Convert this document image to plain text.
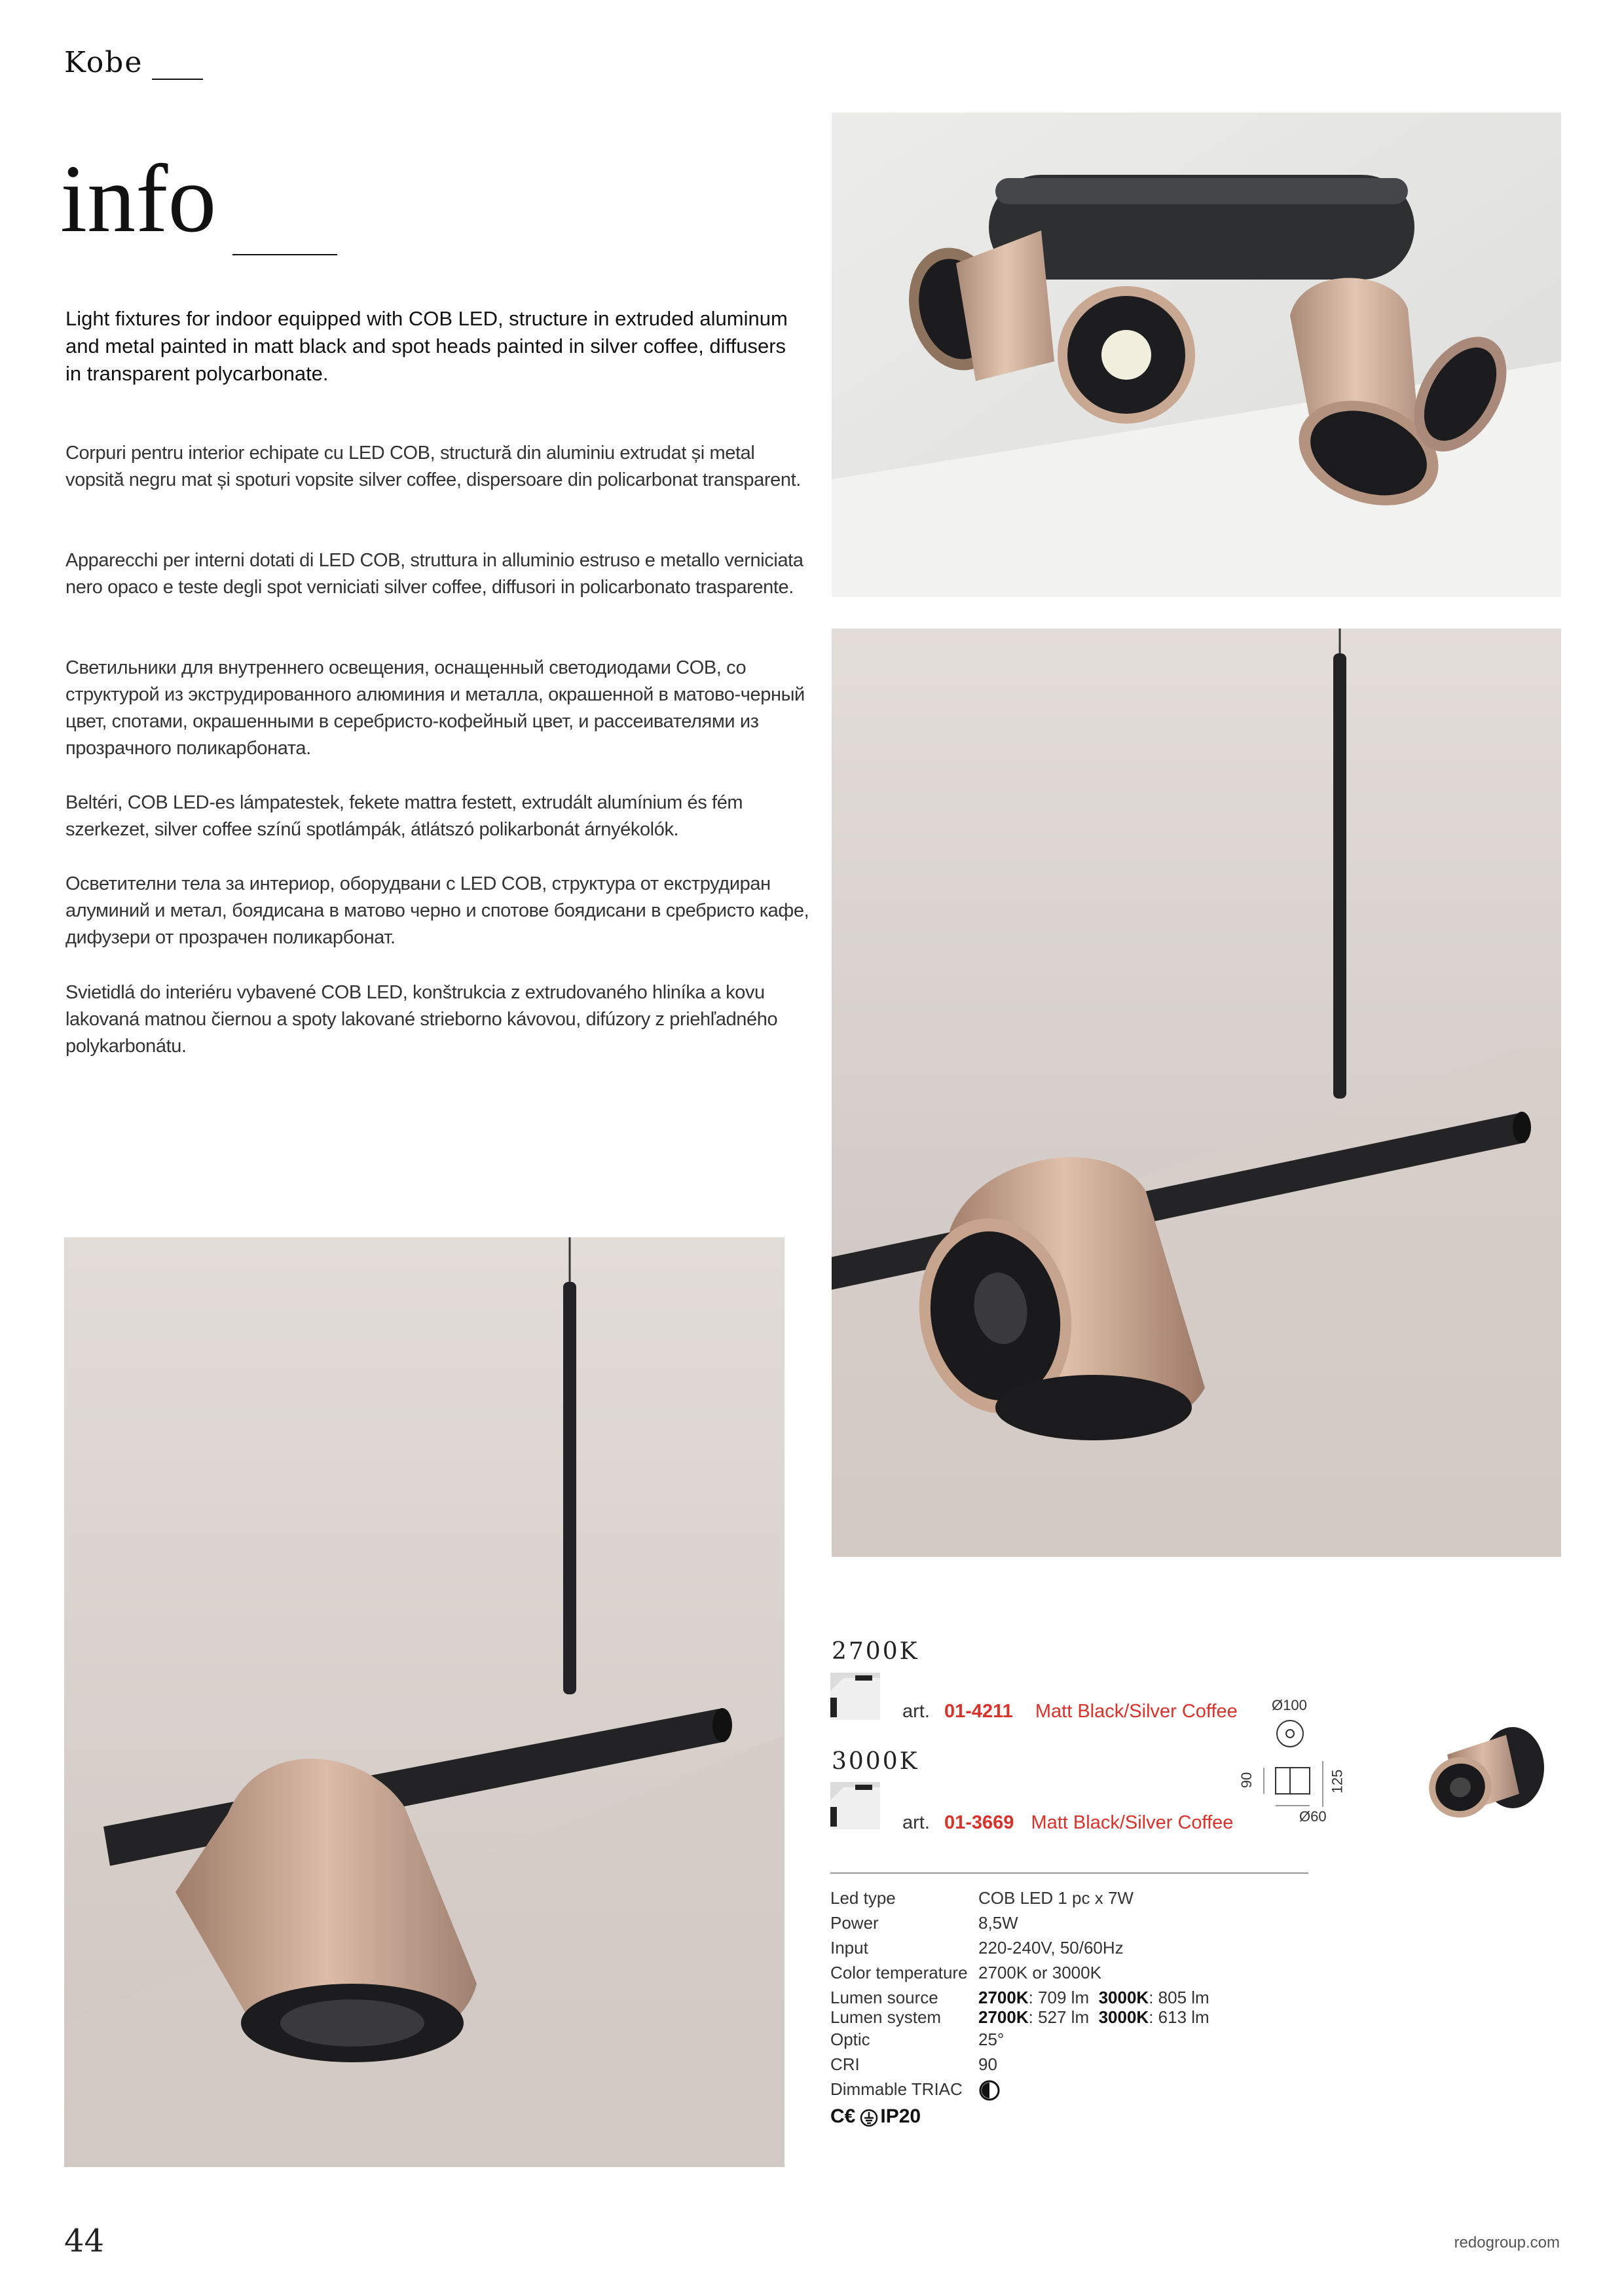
Kobe
info
Light fixtures for indoor equipped with COB LED, structure in extruded aluminum and metal painted in matt black and spot heads painted in silver coffee, diffusers in transparent polycarbonate.
Corpuri pentru interior echipate cu LED COB, structură din aluminiu extrudat și metal vopsită negru mat și spoturi vopsite silver coffee, dispersoare din policarbonat transparent.
Apparecchi per interni dotati di LED COB, struttura in alluminio estruso e metallo verniciata nero opaco e teste degli spot verniciati silver coffee, diffusori in policarbonato trasparente.
Светильники для внутреннего освещения, оснащенный светодиодами COB, со структурой из экструдированного алюминия и металла, окрашенной в матово-черный цвет, спотами, окрашенными в серебристо-кофейный цвет, и рассеивателями из прозрачного поликарбоната.
Beltéri, COB LED-es lámpatestek, fekete mattra festett, extrudált alumínium és fém szerkezet, silver coffee színű spotlámpák, átlátszó polikarbonát árnyékolók.
Осветителни тела за интериор, оборудвани с LED COB, структура от екструдиран алуминий и метал, боядисана в матово черно и спотове боядисани в сребристо кафе, дифузери от прозрачен поликарбонат.
Svietidlá do interiéru vybavené COB LED, konštrukcia z extrudovaného hliníka a kovu lakovaná matnou čiernou a spoty lakované strieborno kávovou, difúzory z priehľadného polykarbonátu.
2700K
art. 01-4211 Matt Black/Silver Coffee
3000K
art. 01-3669 Matt Black/Silver Coffee
Ø100
90	125
Ø60
Led type	COB LED 1 pc x 7W
Power	8,5W
Input	220-240V, 50/60Hz
Color temperature 2700K or 3000K
Lumen source	2700K: 709 lm 3000K: 805 lm
Lumen system	2700K: 527 lm 3000K: 613 lm
Optic	25°
CRI	90
Dimmable TRIAC
C€ IP20
44	redogroup.com
